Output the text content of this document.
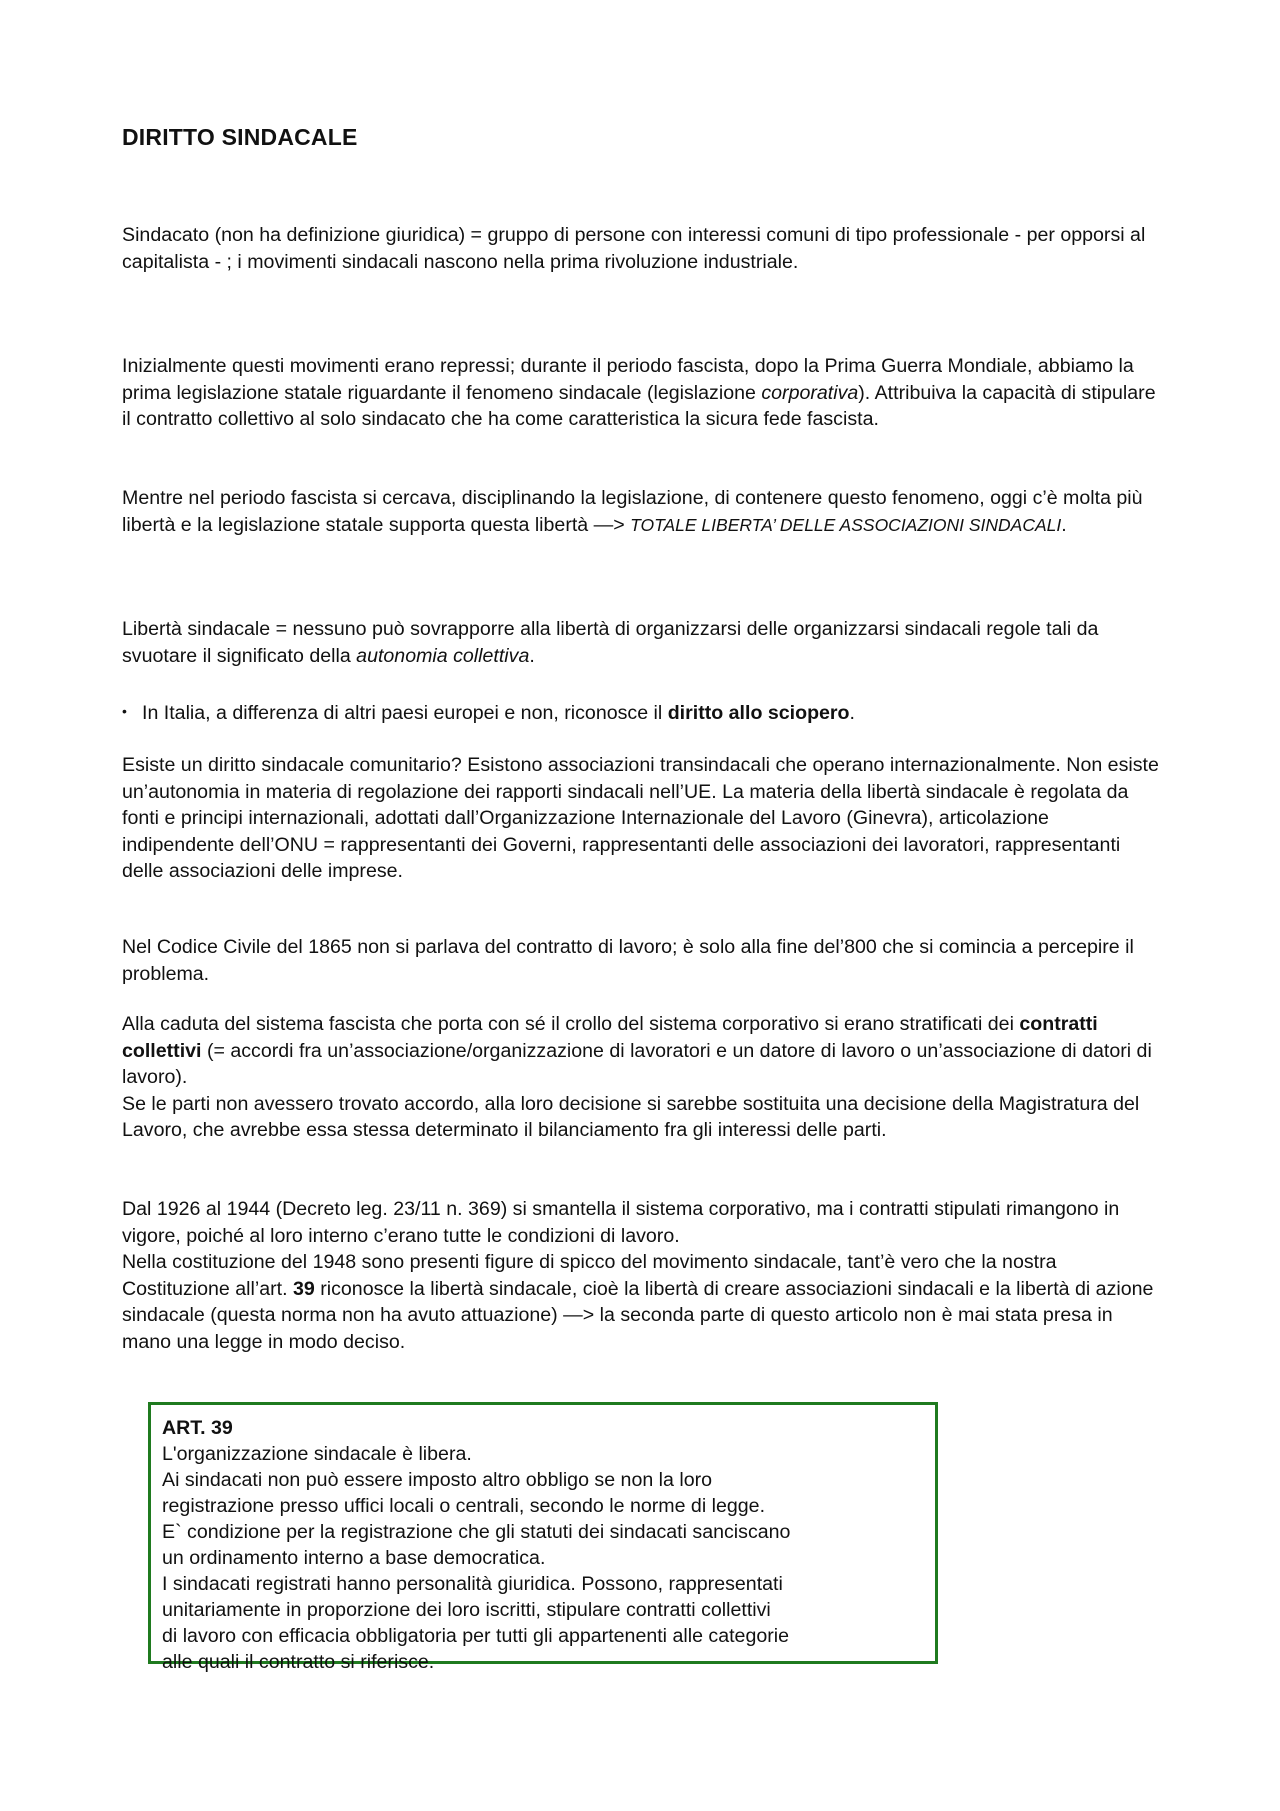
DIRITTO SINDACALE

Sindacato (non ha definizione giuridica) = gruppo di persone con interessi comuni di tipo professionale - per opporsi al capitalista - ; i movimenti sindacali nascono nella prima rivoluzione industriale.

Inizialmente questi movimenti erano repressi; durante il periodo fascista, dopo la Prima Guerra Mondiale, abbiamo la prima legislazione statale riguardante il fenomeno sindacale (legislazione corporativa). Attribuiva la capacità di stipulare il contratto collettivo al solo sindacato che ha come caratteristica la sicura fede fascista.

Mentre nel periodo fascista si cercava, disciplinando la legislazione, di contenere questo fenomeno, oggi c’è molta più libertà e la legislazione statale supporta questa libertà —> TOTALE LIBERTA’ DELLE ASSOCIAZIONI SINDACALI.

Libertà sindacale = nessuno può sovrapporre alla libertà di organizzarsi delle organizzarsi sindacali regole tali da svuotare il significato della autonomia collettiva.

• In Italia, a differenza di altri paesi europei e non, riconosce il diritto allo sciopero.

Esiste un diritto sindacale comunitario? Esistono associazioni transindacali che operano internazionalmente. Non esiste un’autonomia in materia di regolazione dei rapporti sindacali nell’UE. La materia della libertà sindacale è regolata da fonti e principi internazionali, adottati dall’Organizzazione Internazionale del Lavoro (Ginevra), articolazione indipendente dell’ONU = rappresentanti dei Governi, rappresentanti delle associazioni dei lavoratori, rappresentanti delle associazioni delle imprese.

Nel Codice Civile del 1865 non si parlava del contratto di lavoro; è solo alla fine del’800 che si comincia a percepire il problema.

Alla caduta del sistema fascista che porta con sé il crollo del sistema corporativo si erano stratificati dei contratti collettivi (= accordi fra un’associazione/organizzazione di lavoratori e un datore di lavoro o un’associazione di datori di lavoro).
Se le parti non avessero trovato accordo, alla loro decisione si sarebbe sostituita una decisione della Magistratura del Lavoro, che avrebbe essa stessa determinato il bilanciamento fra gli interessi delle parti.

Dal 1926 al 1944 (Decreto leg. 23/11 n. 369) si smantella il sistema corporativo, ma i contratti stipulati rimangono in vigore, poiché al loro interno c’erano tutte le condizioni di lavoro.
Nella costituzione del 1948 sono presenti figure di spicco del movimento sindacale, tant’è vero che la nostra Costituzione all’art. 39 riconosce la libertà sindacale, cioè la libertà di creare associazioni sindacali e la libertà di azione sindacale (questa norma non ha avuto attuazione) —> la seconda parte di questo articolo non è mai stata presa in mano una legge in modo deciso.

ART. 39

L'organizzazione sindacale è libera.

Ai sindacati non può essere imposto altro obbligo se non la loro

registrazione presso uffici locali o centrali, secondo le norme di legge.

E` condizione per la registrazione che gli statuti dei sindacati sanciscano

un ordinamento interno a base democratica.

I sindacati registrati hanno personalità giuridica. Possono, rappresentati

unitariamente in proporzione dei loro iscritti, stipulare contratti collettivi

di lavoro con efficacia obbligatoria per tutti gli appartenenti alle categorie

alle quali il contratto si riferisce.
